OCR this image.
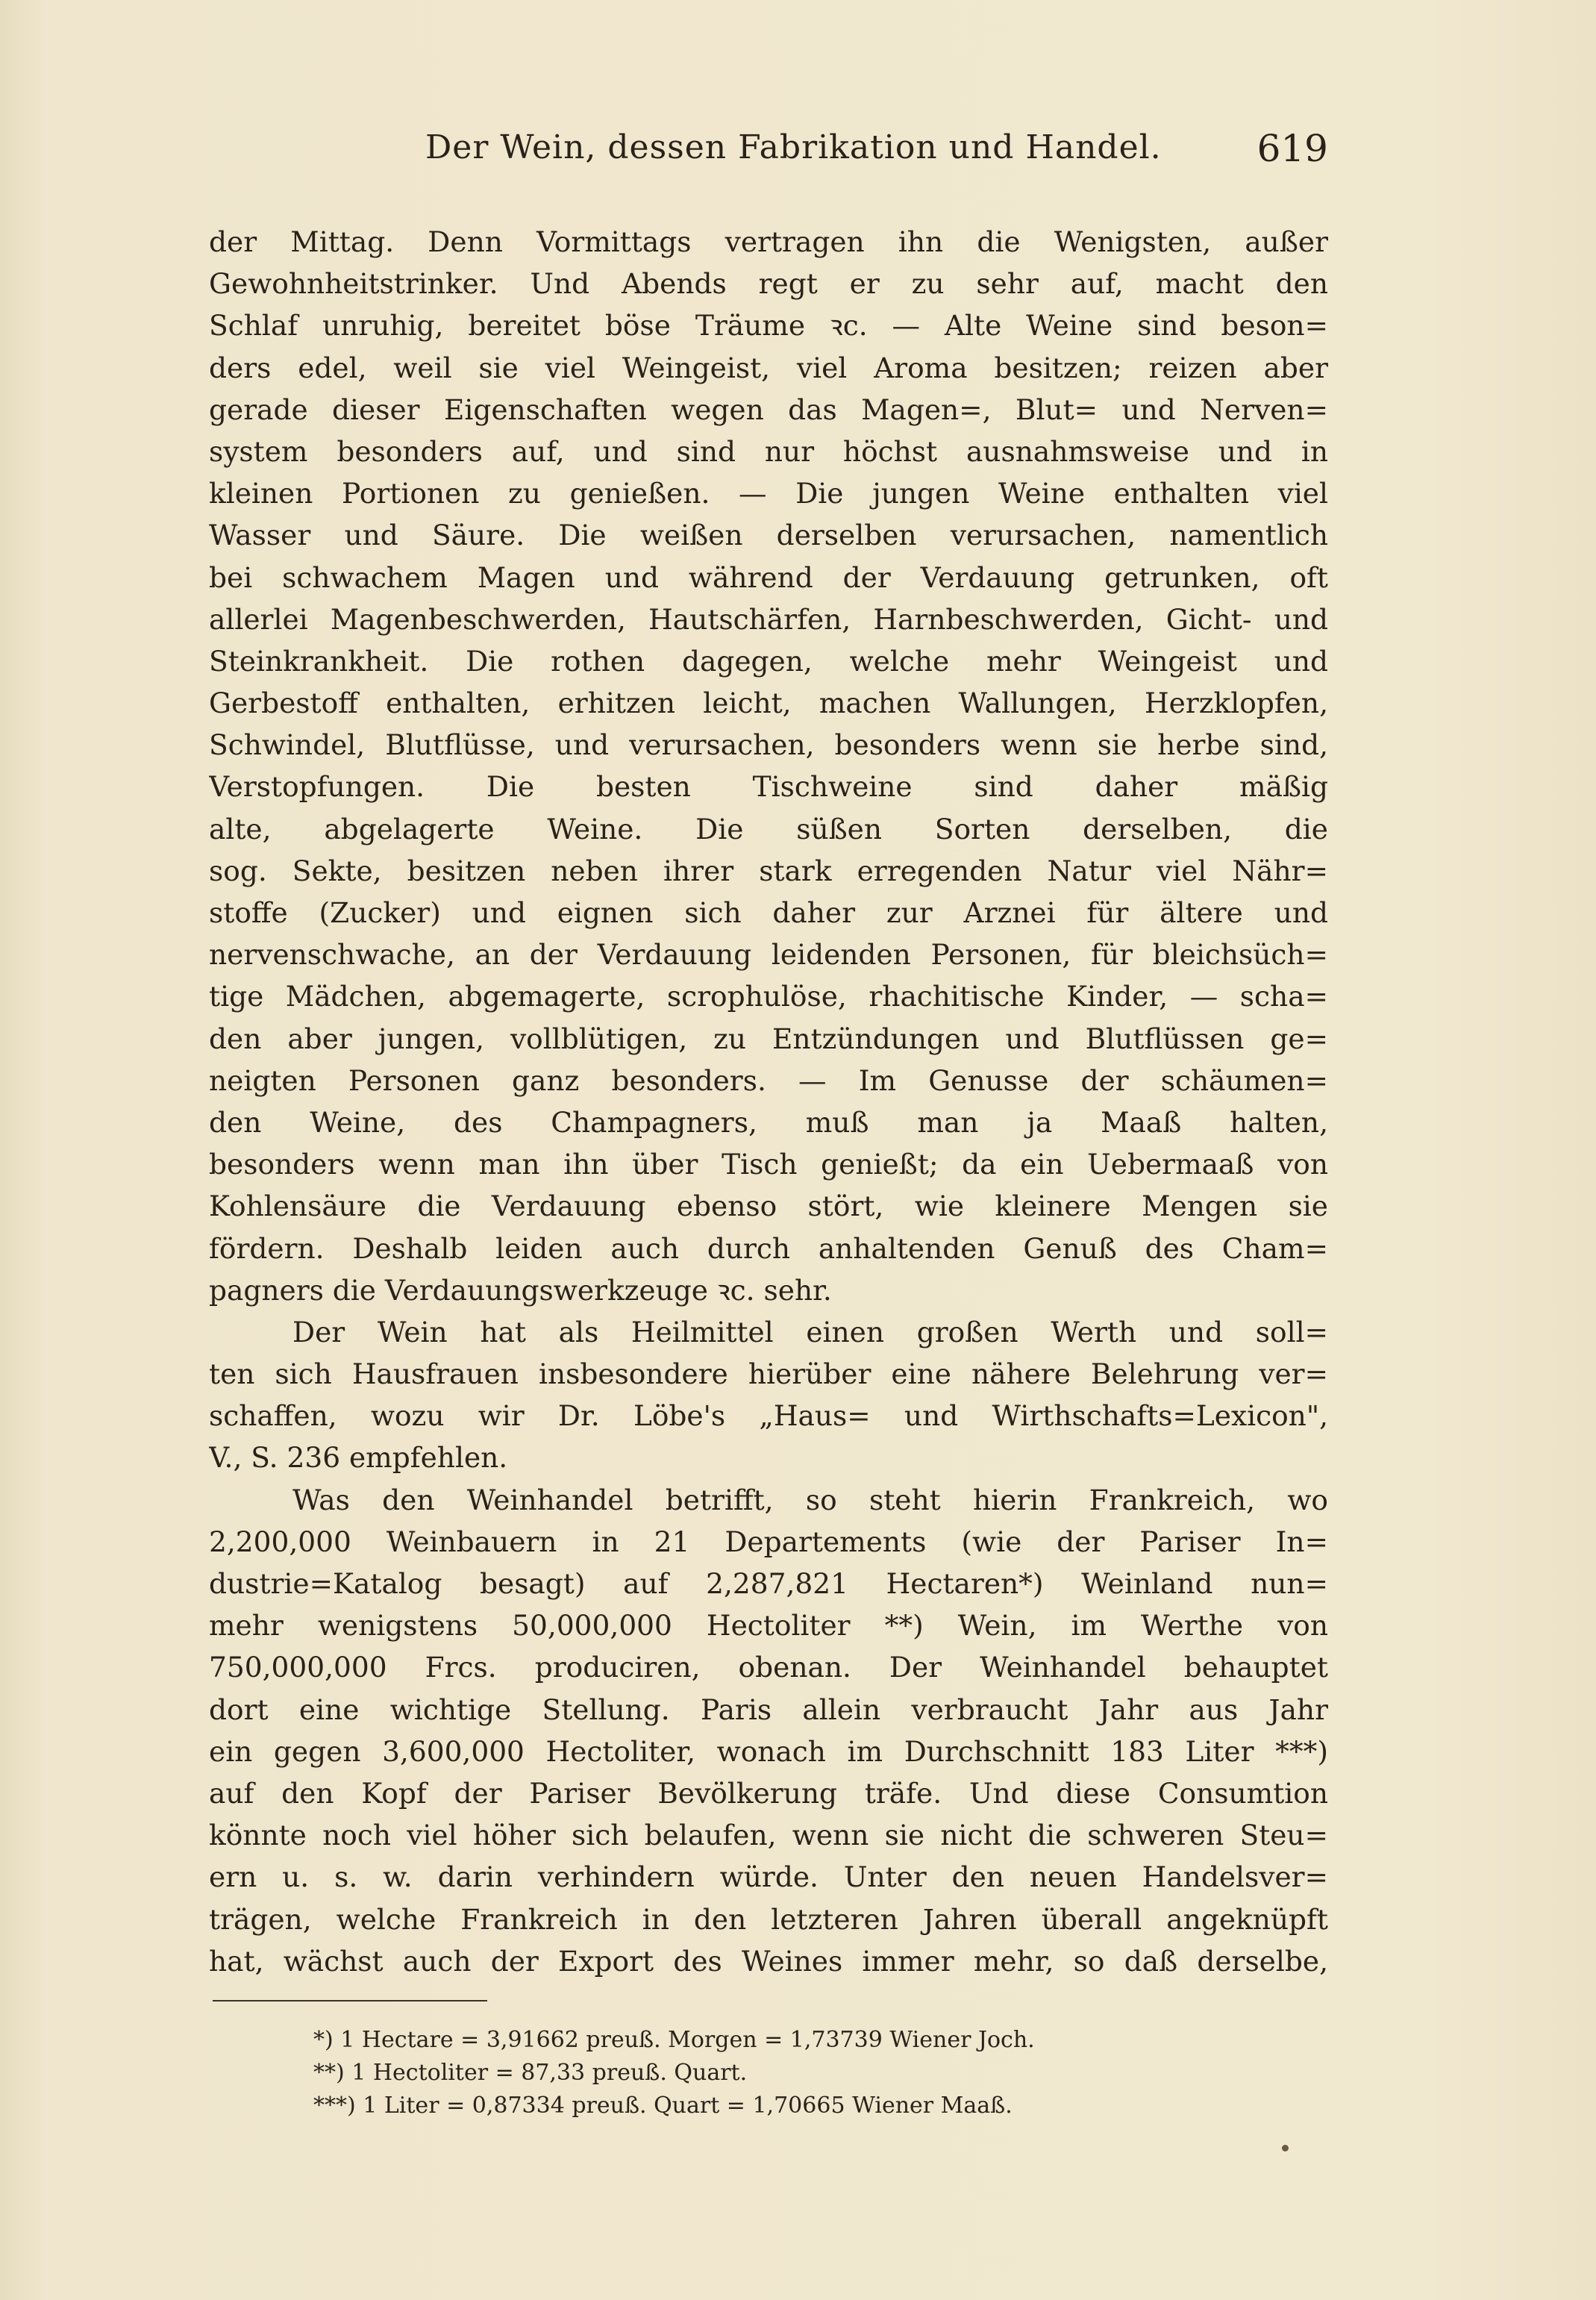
Der Wein, dessen Fabrikation und Handel.	619
der Mittag. Denn Vormittags vertragen ihn die Wenigsten, außer
Gewohnheitstrinker. Und Abends regt er zu sehr auf, macht den
Schlaf unruhig, bereitet böse Träume ꝛc. — Alte Weine sind beson=
ders edel, weil sie viel Weingeist, viel Aroma besitzen; reizen aber
gerade dieser Eigenschaften wegen das Magen=, Blut= und Nerven=
system besonders auf, und sind nur höchst ausnahmsweise und in
kleinen Portionen zu genießen. — Die jungen Weine enthalten viel
Wasser und Säure. Die weißen derselben verursachen, namentlich
bei schwachem Magen und während der Verdauung getrunken, oft
allerlei Magenbeschwerden, Hautschärfen, Harnbeschwerden, Gicht- und
Steinkrankheit. Die rothen dagegen, welche mehr Weingeist und
Gerbestoff enthalten, erhitzen leicht, machen Wallungen, Herzklopfen,
Schwindel, Blutflüsse, und verursachen, besonders wenn sie herbe sind,
Verstopfungen. Die besten Tischweine sind daher mäßig
alte, abgelagerte Weine. Die süßen Sorten derselben, die
sog. Sekte, besitzen neben ihrer stark erregenden Natur viel Nähr=
stoffe (Zucker) und eignen sich daher zur Arznei für ältere und
nervenschwache, an der Verdauung leidenden Personen, für bleichsüch=
tige Mädchen, abgemagerte, scrophulöse, rhachitische Kinder, — scha=
den aber jungen, vollblütigen, zu Entzündungen und Blutflüssen ge=
neigten Personen ganz besonders. — Im Genusse der schäumen=
den Weine, des Champagners, muß man ja Maaß halten,
besonders wenn man ihn über Tisch genießt; da ein Uebermaaß von
Kohlensäure die Verdauung ebenso stört, wie kleinere Mengen sie
fördern. Deshalb leiden auch durch anhaltenden Genuß des Cham=
pagners die Verdauungswerkzeuge ꝛc. sehr.
Der Wein hat als Heilmittel einen großen Werth und soll=
ten sich Hausfrauen insbesondere hierüber eine nähere Belehrung ver=
schaffen, wozu wir Dr. Löbe's „Haus= und Wirthschafts=Lexicon",
V., S. 236 empfehlen.
Was den Weinhandel betrifft, so steht hierin Frankreich, wo
2,200,000 Weinbauern in 21 Departements (wie der Pariser In=
dustrie=Katalog besagt) auf 2,287,821 Hectaren*) Weinland nun=
mehr wenigstens 50,000,000 Hectoliter **) Wein, im Werthe von
750,000,000 Frcs. produciren, obenan. Der Weinhandel behauptet
dort eine wichtige Stellung. Paris allein verbraucht Jahr aus Jahr
ein gegen 3,600,000 Hectoliter, wonach im Durchschnitt 183 Liter ***)
auf den Kopf der Pariser Bevölkerung träfe. Und diese Consumtion
könnte noch viel höher sich belaufen, wenn sie nicht die schweren Steu=
ern u. s. w. darin verhindern würde. Unter den neuen Handelsver=
trägen, welche Frankreich in den letzteren Jahren überall angeknüpft
hat, wächst auch der Export des Weines immer mehr, so daß derselbe,
*) 1 Hectare = 3,91662 preuß. Morgen = 1,73739 Wiener Joch.
**) 1 Hectoliter = 87,33 preuß. Quart.
***) 1 Liter = 0,87334 preuß. Quart = 1,70665 Wiener Maaß.
